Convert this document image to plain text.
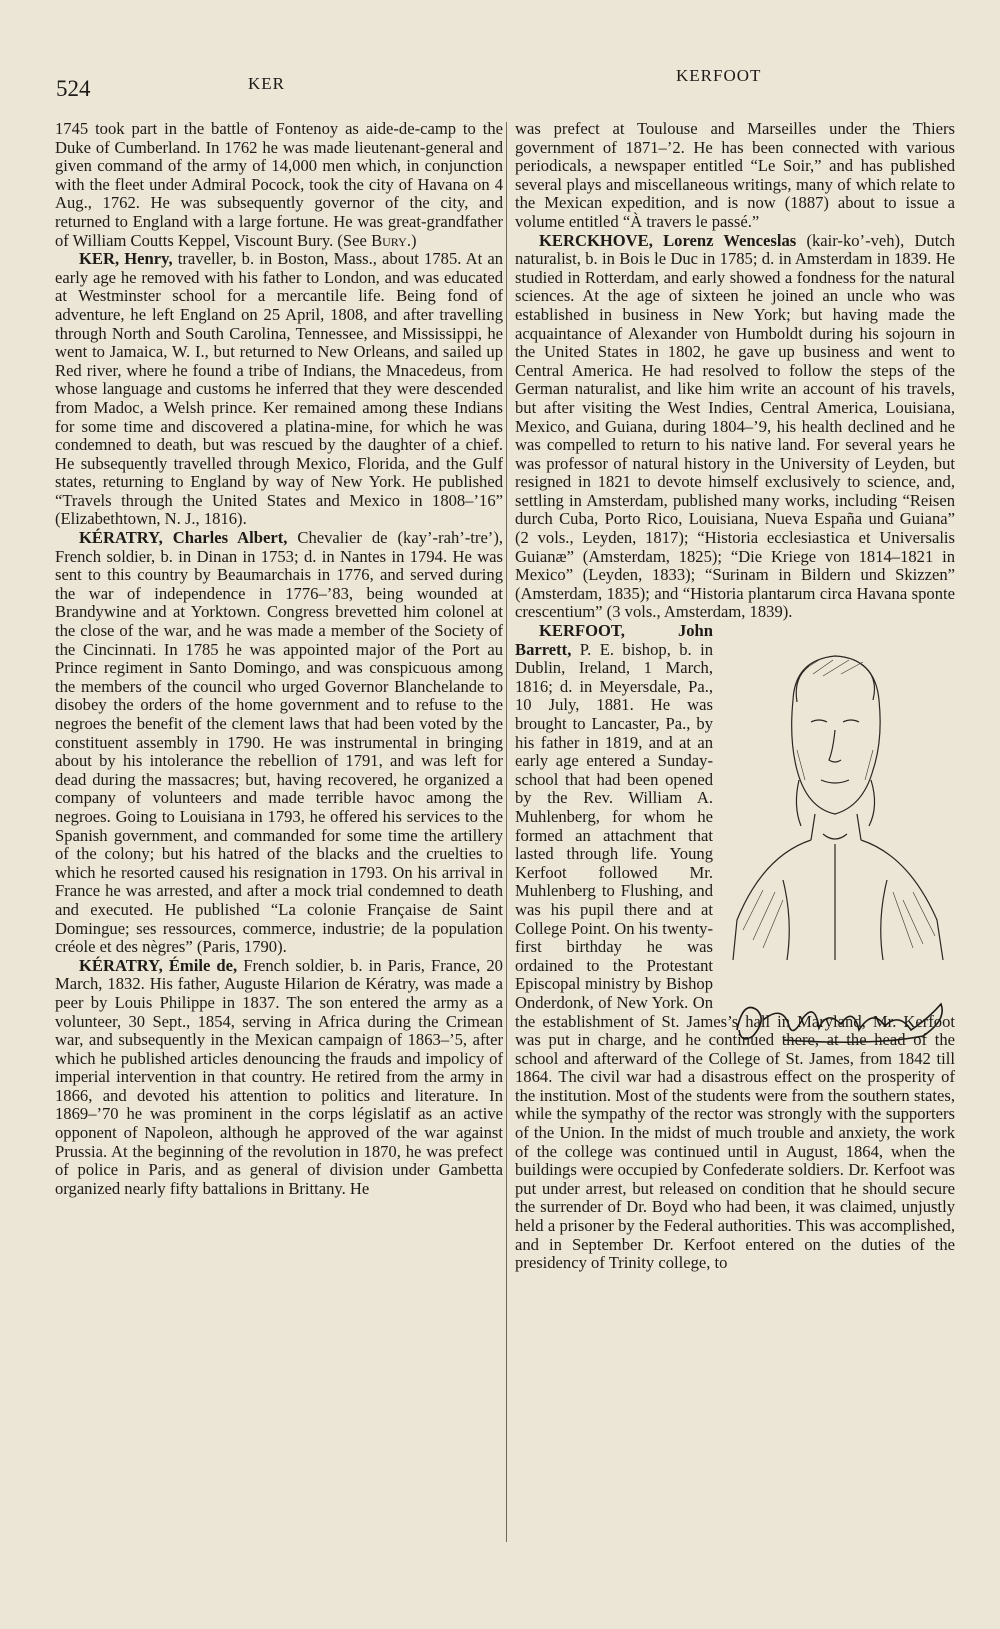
524	KER	KERFOOT

1745 took part in the battle of Fontenoy as aide-de-camp to the Duke of Cumberland. In 1762 he was made lieutenant-general and given command of the army of 14,000 men which, in conjunction with the fleet under Admiral Pocock, took the city of Havana on 4 Aug., 1762. He was subsequently governor of the city, and returned to England with a large fortune. He was great-grandfather of William Coutts Keppel, Viscount Bury. (See Bury.)

KER, Henry, traveller, b. in Boston, Mass., about 1785. At an early age he removed with his father to London, and was educated at Westminster school for a mercantile life. Being fond of adventure, he left England on 25 April, 1808, and after travelling through North and South Carolina, Tennessee, and Mississippi, he went to Jamaica, W. I., but returned to New Orleans, and sailed up Red river, where he found a tribe of Indians, the Mnacedeus, from whose language and customs he inferred that they were descended from Madoc, a Welsh prince. Ker remained among these Indians for some time and discovered a platina-mine, for which he was condemned to death, but was rescued by the daughter of a chief. He subsequently travelled through Mexico, Florida, and the Gulf states, returning to England by way of New York. He published “Travels through the United States and Mexico in 1808–’16” (Elizabethtown, N. J., 1816).

KÉRATRY, Charles Albert, Chevalier de (kay’-rah’-tre’), French soldier, b. in Dinan in 1753; d. in Nantes in 1794. He was sent to this country by Beaumarchais in 1776, and served during the war of independence in 1776–’83, being wounded at Brandywine and at Yorktown. Congress brevetted him colonel at the close of the war, and he was made a member of the Society of the Cincinnati. In 1785 he was appointed major of the Port au Prince regiment in Santo Domingo, and was conspicuous among the members of the council who urged Governor Blanchelande to disobey the orders of the home government and to refuse to the negroes the benefit of the clement laws that had been voted by the constituent assembly in 1790. He was instrumental in bringing about by his intolerance the rebellion of 1791, and was left for dead during the massacres; but, having recovered, he organized a company of volunteers and made terrible havoc among the negroes. Going to Louisiana in 1793, he offered his services to the Spanish government, and commanded for some time the artillery of the colony; but his hatred of the blacks and the cruelties to which he resorted caused his resignation in 1793. On his arrival in France he was arrested, and after a mock trial condemned to death and executed. He published “La colonie Française de Saint Domingue; ses ressources, commerce, industrie; de la population créole et des nègres” (Paris, 1790).

KÉRATRY, Émile de, French soldier, b. in Paris, France, 20 March, 1832. His father, Auguste Hilarion de Kératry, was made a peer by Louis Philippe in 1837. The son entered the army as a volunteer, 30 Sept., 1854, serving in Africa during the Crimean war, and subsequently in the Mexican campaign of 1863–’5, after which he published articles denouncing the frauds and impolicy of imperial intervention in that country. He retired from the army in 1866, and devoted his attention to politics and literature. In 1869–’70 he was prominent in the corps législatif as an active opponent of Napoleon, although he approved of the war against Prussia. At the beginning of the revolution in 1870, he was prefect of police in Paris, and as general of division under Gambetta organized nearly fifty battalions in Brittany. He

was prefect at Toulouse and Marseilles under the Thiers government of 1871–’2. He has been connected with various periodicals, a newspaper entitled “Le Soir,” and has published several plays and miscellaneous writings, many of which relate to the Mexican expedition, and is now (1887) about to issue a volume entitled “À travers le passé.”

KERCKHOVE, Lorenz Wenceslas (kair-ko’-veh), Dutch naturalist, b. in Bois le Duc in 1785; d. in Amsterdam in 1839. He studied in Rotterdam, and early showed a fondness for the natural sciences. At the age of sixteen he joined an uncle who was established in business in New York; but having made the acquaintance of Alexander von Humboldt during his sojourn in the United States in 1802, he gave up business and went to Central America. He had resolved to follow the steps of the German naturalist, and like him write an account of his travels, but after visiting the West Indies, Central America, Louisiana, Mexico, and Guiana, during 1804–’9, his health declined and he was compelled to return to his native land. For several years he was professor of natural history in the University of Leyden, but resigned in 1821 to devote himself exclusively to science, and, settling in Amsterdam, published many works, including “Reisen durch Cuba, Porto Rico, Louisiana, Nueva España und Guiana” (2 vols., Leyden, 1817); “Historia ecclesiastica et Universalis Guianæ” (Amsterdam, 1825); “Die Kriege von 1814–1821 in Mexico” (Leyden, 1833); “Surinam in Bildern und Skizzen” (Amsterdam, 1835); and “Historia plantarum circa Havana sponte crescentium” (3 vols., Amsterdam, 1839).

KERFOOT, John Barrett, P. E. bishop, b. in Dublin, Ireland, 1 March, 1816; d. in Meyersdale, Pa., 10 July, 1881. He was brought to Lancaster, Pa., by his father in 1819, and at an early age entered a Sunday-school that had been opened by the Rev. William A. Muhlenberg, for whom he formed an attachment that lasted through life. Young Kerfoot followed Mr. Muhlenberg to Flushing, and was his pupil there and at College Point. On his twenty-first birthday he was ordained to the Protestant Episcopal ministry by Bishop Onderdonk, of New York. On the establishment of St. James’s hall in Maryland, Mr. Kerfoot was put in charge, and he continued there, at the head of the school and afterward of the College of St. James, from 1842 till 1864. The civil war had a disastrous effect on the prosperity of the institution. Most of the students were from the southern states, while the sympathy of the rector was strongly with the supporters of the Union. In the midst of much trouble and anxiety, the work of the college was continued until in August, 1864, when the buildings were occupied by Confederate soldiers. Dr. Kerfoot was put under arrest, but released on condition that he should secure the surrender of Dr. Boyd who had been, it was claimed, unjustly held a prisoner by the Federal authorities. This was accomplished, and in September Dr. Kerfoot entered on the duties of the presidency of Trinity college, to
